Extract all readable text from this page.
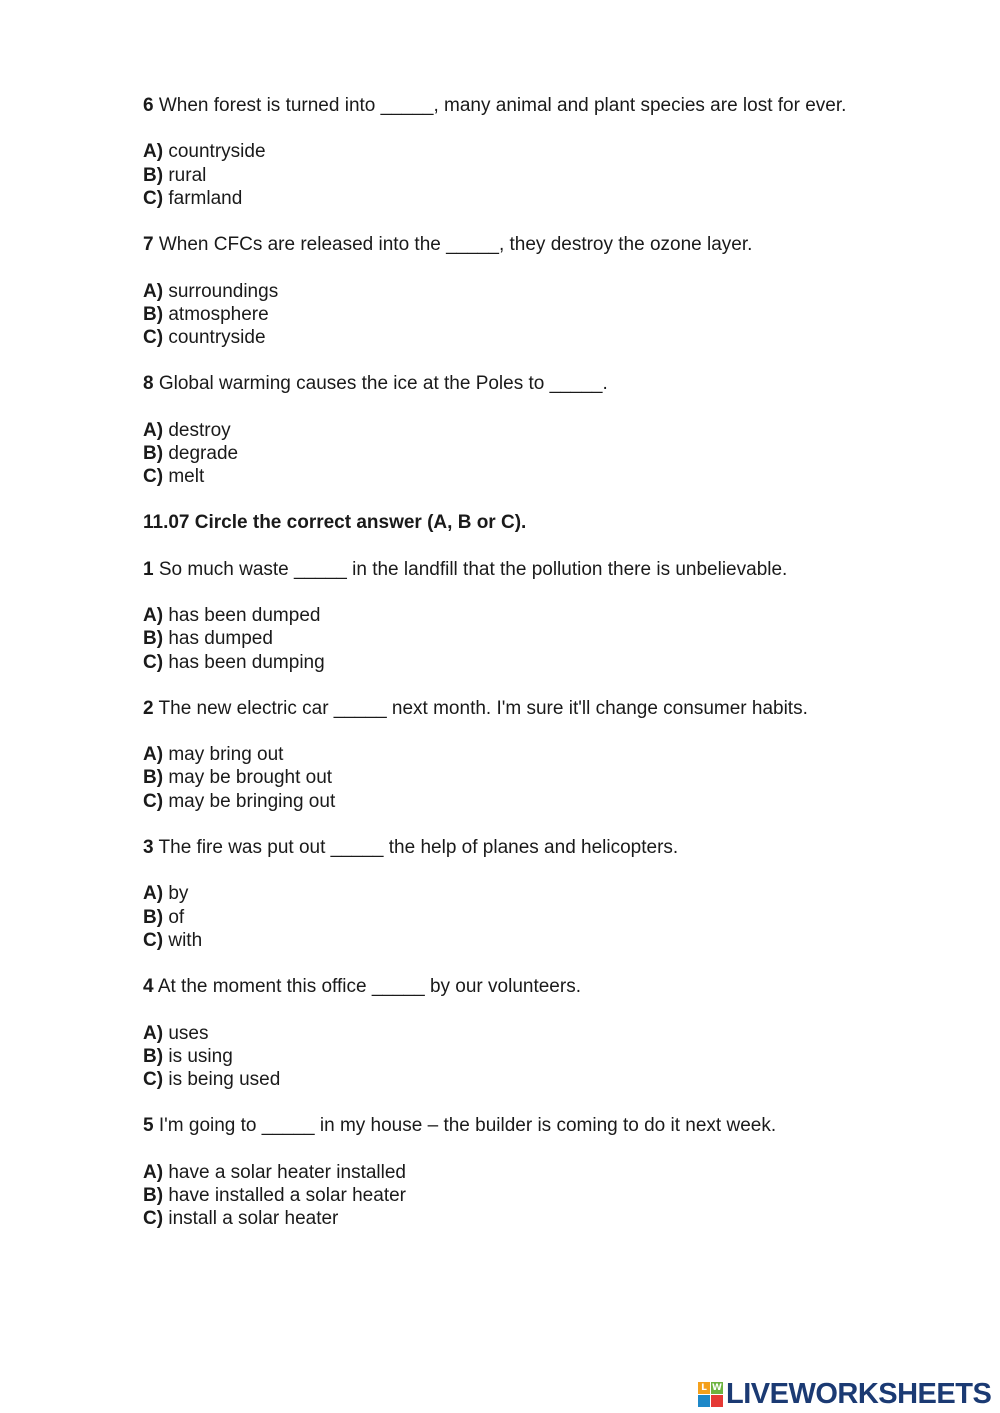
6 When forest is turned into _____, many animal and plant species are lost for ever.
A) countryside
B) rural
C) farmland
7 When CFCs are released into the _____, they destroy the ozone layer.
A) surroundings
B) atmosphere
C) countryside
8 Global warming causes the ice at the Poles to _____.
A) destroy
B) degrade
C) melt
11.07 Circle the correct answer (A, B or C).
1 So much waste _____ in the landfill that the pollution there is unbelievable.
A) has been dumped
B) has dumped
C) has been dumping
2 The new electric car _____ next month. I'm sure it'll change consumer habits.
A) may bring out
B) may be brought out
C) may be bringing out
3 The fire was put out _____ the help of planes and helicopters.
A) by
B) of
C) with
4 At the moment this office _____ by our volunteers.
A) uses
B) is using
C) is being used
5 I'm going to _____ in my house – the builder is coming to do it next week.
A) have a solar heater installed
B) have installed a solar heater
C) install a solar heater
L W LIVEWORKSHEETS
